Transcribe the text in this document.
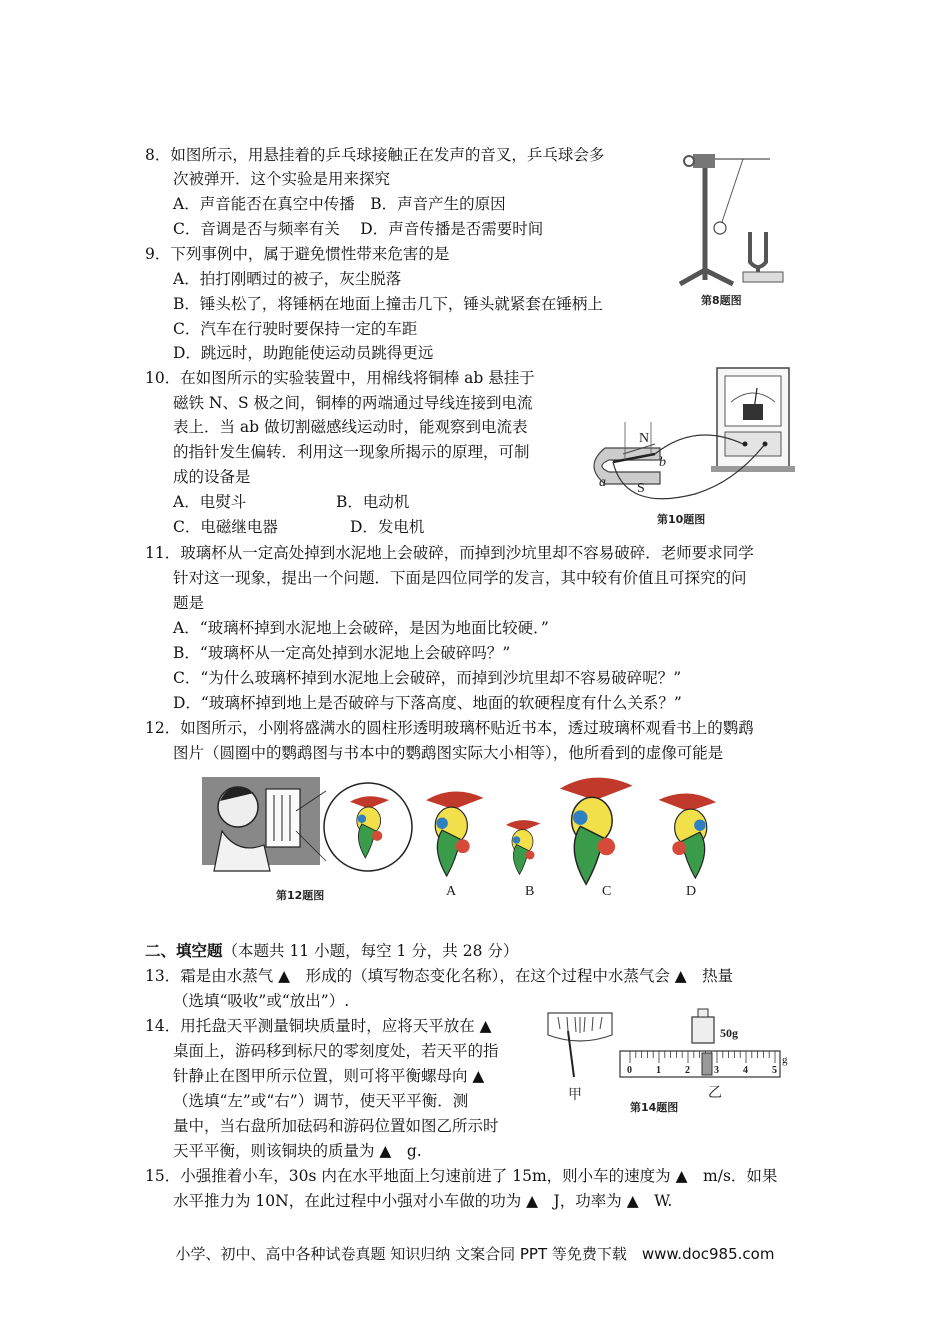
8．如图所示，用悬挂着的乒乓球接触正在发声的音叉，乒乓球会多
次被弹开．这个实验是用来探究
A．声音能否在真空中传播　B．声音产生的原因
C．音调是否与频率有关　 D．声音传播是否需要时间
第8题图
9．下列事例中，属于避免惯性带来危害的是
A．拍打刚晒过的被子，灰尘脱落
B．锤头松了，将锤柄在地面上撞击几下，锤头就紧套在锤柄上
C．汽车在行驶时要保持一定的车距
D．跳远时，助跑能使运动员跳得更远
10．在如图所示的实验装置中，用棉线将铜棒 ab 悬挂于
磁铁 N、S 极之间，铜棒的两端通过导线连接到电流
表上．当 ab 做切割磁感线运动时，能观察到电流表
的指针发生偏转．利用这一现象所揭示的原理，可制
成的设备是
A．电熨斗	B．电动机
C．电磁继电器	D．发电机
N
S
a
b
第10题图
11．玻璃杯从一定高处掉到水泥地上会破碎，而掉到沙坑里却不容易破碎．老师要求同学
针对这一现象，提出一个问题．下面是四位同学的发言，其中较有价值且可探究的问
题是
A．“玻璃杯掉到水泥地上会破碎，是因为地面比较硬．”
B．“玻璃杯从一定高处掉到水泥地上会破碎吗？”
C．“为什么玻璃杯掉到水泥地上会破碎，而掉到沙坑里却不容易破碎呢？”
D．“玻璃杯掉到地上是否破碎与下落高度、地面的软硬程度有什么关系？”
12．如图所示，小刚将盛满水的圆柱形透明玻璃杯贴近书本，透过玻璃杯观看书上的鹦鹉
图片（圆圈中的鹦鹉图与书本中的鹦鹉图实际大小相等），他所看到的虚像可能是
第12题图	A	B	C	D
二、填空题（本题共 11 小题，每空 1 分，共 28 分）
13．霜是由水蒸气 ▲　形成的（填写物态变化名称），在这个过程中水蒸气会 ▲　热量
（选填“吸收”或“放出”）.
14．用托盘天平测量铜块质量时，应将天平放在 ▲
桌面上，游码移到标尺的零刻度处，若天平的指
针静止在图甲所示位置，则可将平衡螺母向 ▲
（选填“左”或“右”）调节，使天平平衡．测
量中，当右盘所加砝码和游码位置如图乙所示时
天平平衡，则该铜块的质量为 ▲　g.
甲
50g
0 1 2 3 4 5
g
乙
第14题图
15．小强推着小车，30s 内在水平地面上匀速前进了 15m，则小车的速度为 ▲　m/s．如果
水平推力为 10N，在此过程中小强对小车做的功为 ▲　J，功率为 ▲　W.
小学、初中、高中各种试卷真题 知识归纳 文案合同 PPT 等免费下载　www.doc985.com
